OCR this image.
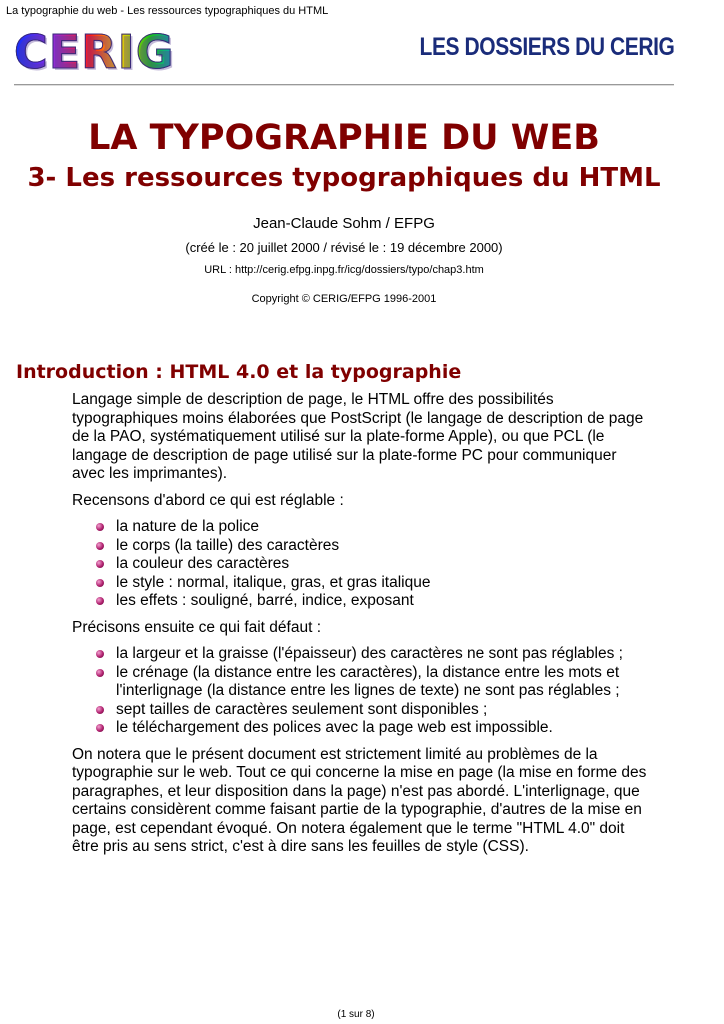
La typographie du web - Les ressources typographiques du HTML
CERIG	LES DOSSIERS DU CERIG
LA TYPOGRAPHIE DU WEB
3- Les ressources typographiques du HTML
Jean-Claude Sohm / EFPG
(créé le : 20 juillet 2000 / révisé le : 19 décembre 2000)
URL : http://cerig.efpg.inpg.fr/icg/dossiers/typo/chap3.htm
Copyright © CERIG/EFPG 1996-2001
Introduction : HTML 4.0 et la typographie

Langage simple de description de page, le HTML offre des possibilités typographiques moins élaborées que PostScript (le langage de description de page de la PAO, systématiquement utilisé sur la plate-forme Apple), ou que PCL (le langage de description de page utilisé sur la plate-forme PC pour communiquer avec les imprimantes).

Recensons d'abord ce qui est réglable :

la nature de la police
le corps (la taille) des caractères
la couleur des caractères
le style : normal, italique, gras, et gras italique
les effets : souligné, barré, indice, exposant

Précisons ensuite ce qui fait défaut :

la largeur et la graisse (l'épaisseur) des caractères ne sont pas réglables ;
le crénage (la distance entre les caractères), la distance entre les mots et l'interlignage (la distance entre les lignes de texte) ne sont pas réglables ;
sept tailles de caractères seulement sont disponibles ;
le téléchargement des polices avec la page web est impossible.

On notera que le présent document est strictement limité au problèmes de la typographie sur le web. Tout ce qui concerne la mise en page (la mise en forme des paragraphes, et leur disposition dans la page) n'est pas abordé. L'interlignage, que certains considèrent comme faisant partie de la typographie, d'autres de la mise en page, est cependant évoqué. On notera également que le terme "HTML 4.0" doit être pris au sens strict, c'est à dire sans les feuilles de style (CSS).

(1 sur 8)
